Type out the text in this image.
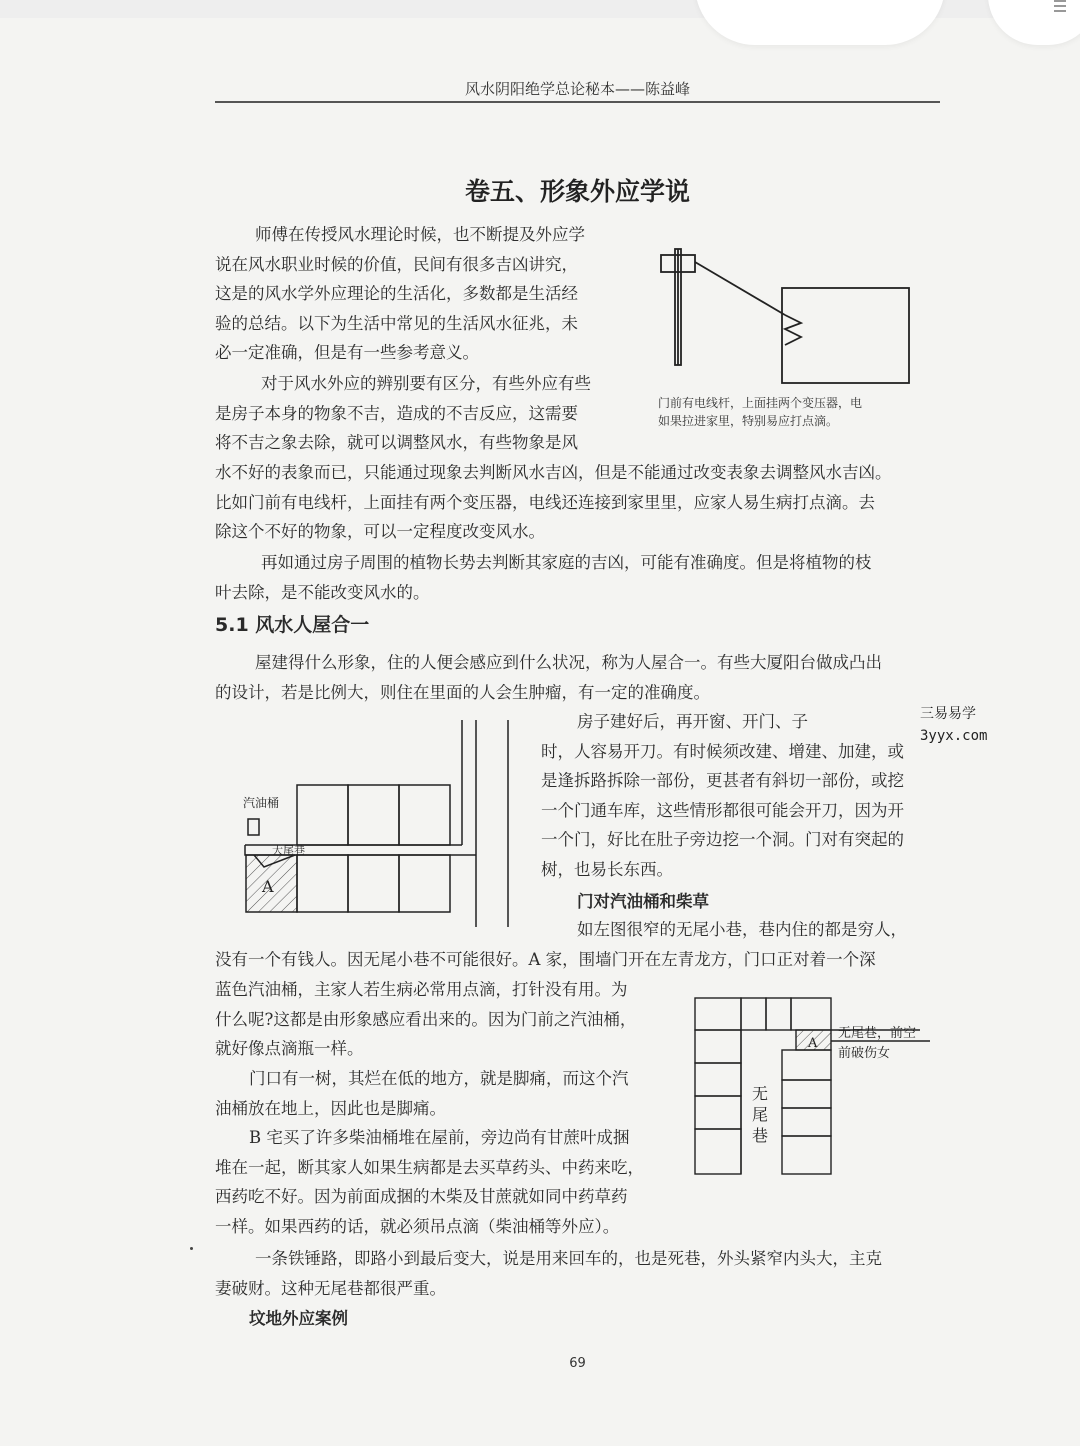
风水阴阳绝学总论秘本——陈益峰
卷五、形象外应学说
师傅在传授风水理论时候，也不断提及外应学
说在风水职业时候的价值，民间有很多吉凶讲究，
这是的风水学外应理论的生活化，多数都是生活经
验的总结。以下为生活中常见的生活风水征兆，未
必一定准确，但是有一些参考意义。
对于风水外应的辨别要有区分，有些外应有些
是房子本身的物象不吉，造成的不吉反应，这需要
将不吉之象去除，就可以调整风水，有些物象是风
水不好的表象而已，只能通过现象去判断风水吉凶，但是不能通过改变表象去调整风水吉凶。
比如门前有电线杆，上面挂有两个变压器，电线还连接到家里里，应家人易生病打点滴。去
除这个不好的物象，可以一定程度改变风水。
再如通过房子周围的植物长势去判断其家庭的吉凶，可能有准确度。但是将植物的枝
叶去除，是不能改变风水的。
5.1 风水人屋合一
屋建得什么形象，住的人便会感应到什么状况，称为人屋合一。有些大厦阳台做成凸出
的设计，若是比例大，则住在里面的人会生肿瘤，有一定的准确度。
房子建好后，再开窗、开门、子
时，人容易开刀。有时候须改建、增建、加建，或
是逢拆路拆除一部份，更甚者有斜切一部份，或挖
一个门通车库，这些情形都很可能会开刀，因为开
一个门，好比在肚子旁边挖一个洞。门对有突起的
树，也易长东西。
门对汽油桶和柴草
如左图很窄的无尾小巷，巷内住的都是穷人，
没有一个有钱人。因无尾小巷不可能很好。A 家，围墙门开在左青龙方，门口正对着一个深
蓝色汽油桶，主家人若生病必常用点滴，打针没有用。为
什么呢?这都是由形象感应看出来的。因为门前之汽油桶，
就好像点滴瓶一样。
门口有一树，其烂在低的地方，就是脚痛，而这个汽
油桶放在地上，因此也是脚痛。
B 宅买了许多柴油桶堆在屋前，旁边尚有甘蔗叶成捆
堆在一起，断其家人如果生病都是去买草药头、中药来吃，
西药吃不好。因为前面成捆的木柴及甘蔗就如同中药草药
一样。如果西药的话，就必须吊点滴（柴油桶等外应）。
一条铁锤路，即路小到最后变大，说是用来回车的，也是死巷，外头紧窄内头大，主克
妻破财。这种无尾巷都很严重。
坟地外应案例
门前有电线杆，上面挂两个变压器，电
如果拉进家里，特别易应打点滴。
汽油桶
大尾巷
A
A
无尾巷，前空
前破伤女
无
尾
巷
三易易学
3yyx.com
69
